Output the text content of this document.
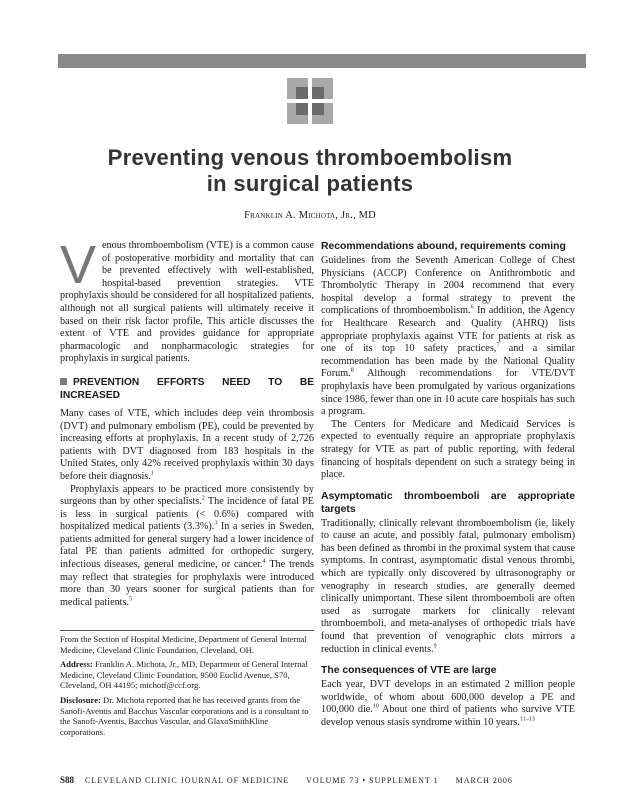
Preventing venous thromboembolism
in surgical patients
Franklin A. Michota, Jr., MD

Venous thromboembolism (VTE) is a common cause of postoperative morbidity and mortality that can be prevented effectively with well-established, hospital-based prevention strategies. VTE prophylaxis should be considered for all hospitalized patients, although not all surgical patients will ultimately receive it based on their risk factor profile. This article discusses the extent of VTE and provides guidance for appropriate pharmacologic and nonpharmacologic strategies for prophylaxis in surgical patients.

PREVENTION EFFORTS NEED TO BE INCREASED

Many cases of VTE, which includes deep vein thrombosis (DVT) and pulmonary embolism (PE), could be prevented by increasing efforts at prophylaxis. In a recent study of 2,726 patients with DVT diagnosed from 183 hospitals in the United States, only 42% received prophylaxis within 30 days before their diagnosis.$^1$

Prophylaxis appears to be practiced more consistently by surgeons than by other specialists.$^2$ The incidence of fatal PE is less in surgical patients (< 0.6%) compared with hospitalized medical patients (3.3%).$^3$ In a series in Sweden, patients admitted for general surgery had a lower incidence of fatal PE than patients admitted for orthopedic surgery, infectious diseases, general medicine, or cancer.$^4$ The trends may reflect that strategies for prophylaxis were introduced more than 30 years sooner for surgical patients than for medical patients.$^5$

From the Section of Hospital Medicine, Department of General Internal Medicine, Cleveland Clinic Foundation, Cleveland, OH.

Address: Franklin A. Michota, Jr., MD, Department of General Internal Medicine, Cleveland Clinic Foundation, 9500 Euclid Avenue, S70, Cleveland, OH 44195; michotf@ccf.org.

Disclosure: Dr. Michota reported that he has received grants from the Sanofi-Aventis and Bacchus Vascular corporations and is a consultant to the Sanofi-Aventis, Bacchus Vascular, and GlaxoSmithKline corporations.

Recommendations abound, requirements coming

Guidelines from the Seventh American College of Chest Physicians (ACCP) Conference on Antithrombotic and Thrombolytic Therapy in 2004 recommend that every hospital develop a formal strategy to prevent the complications of thromboembolism.$^6$ In addition, the Agency for Healthcare Research and Quality (AHRQ) lists appropriate prophylaxis against VTE for patients at risk as one of its top 10 safety practices,$^7$ and a similar recommendation has been made by the National Quality Forum.$^8$ Although recommendations for VTE/DVT prophylaxis have been promulgated by various organizations since 1986, fewer than one in 10 acute care hospitals has such a program.

The Centers for Medicare and Medicaid Services is expected to eventually require an appropriate prophylaxis strategy for VTE as part of public reporting, with federal financing of hospitals dependent on such a strategy being in place.

Asymptomatic thromboemboli are appropriate targets

Traditionally, clinically relevant thromboembolism (ie, likely to cause an acute, and possibly fatal, pulmonary embolism) has been defined as thrombi in the proximal system that cause symptoms. In contrast, asymptomatic distal venous thrombi, which are typically only discovered by ultrasonography or venography in research studies, are generally deemed clinically unimportant. These silent thromboemboli are often used as surrogate markers for clinically relevant thromboemboli, and meta-analyses of orthopedic trials have found that prevention of venographic clots mirrors a reduction in clinical events.$^9$

The consequences of VTE are large

Each year, DVT develops in an estimated 2 million people worldwide, of whom about 600,000 develop a PE and 100,000 die.$^{10}$ About one third of patients who survive VTE develop venous stasis syndrome within 10 years.$^{11-13}$

S88 CLEVELAND CLINIC JOURNAL OF MEDICINE VOLUME 73 • SUPPLEMENT 1 MARCH 2006
